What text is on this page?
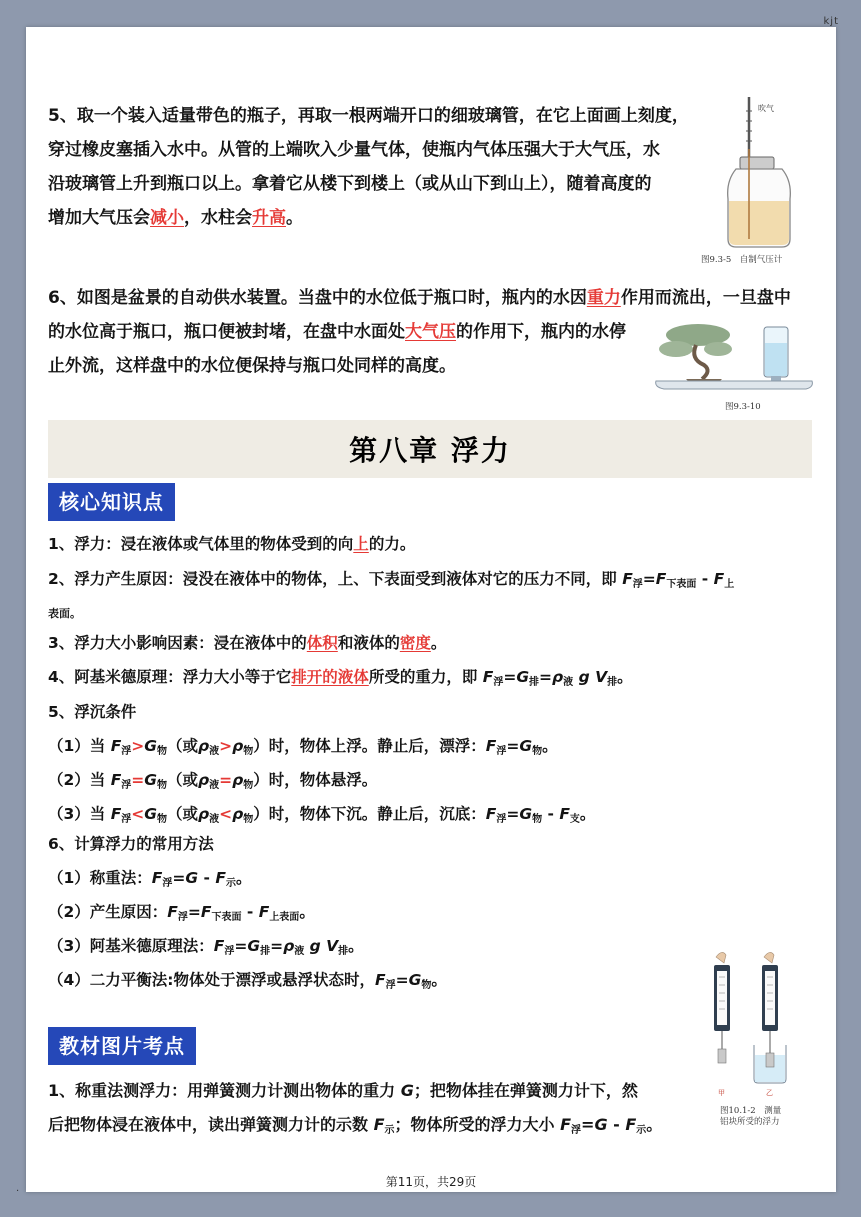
kjt
·
5、取一个装入适量带色的瓶子，再取一根两端开口的细玻璃管，在它上面画上刻度，
穿过橡皮塞插入水中。从管的上端吹入少量气体，使瓶内气体压强大于大气压，水
沿玻璃管上升到瓶口以上。拿着它从楼下到楼上（或从山下到山上），随着高度的
增加大气压会减小，水柱会升高。
吹气
图9.3-5　自制气压计
6、如图是盆景的自动供水装置。当盘中的水位低于瓶口时，瓶内的水因重力作用而流出，一旦盘中
的水位高于瓶口，瓶口便被封堵，在盘中水面处大气压的作用下，瓶内的水停
止外流，这样盘中的水位便保持与瓶口处同样的高度。
图9.3-10
第八章 浮力
核心知识点
1、浮力：浸在液体或气体里的物体受到的向上的力。
2、浮力产生原因：浸没在液体中的物体，上、下表面受到液体对它的压力不同，即 $F_浮=F_{下表面} - F_上$
表面。
3、浮力大小影响因素：浸在液体中的体积和液体的密度。
4、阿基米德原理：浮力大小等于它排开的液体所受的重力，即 $F_浮=G_排=\rho_液$ g $V_排$。
5、浮沉条件
（1）当 $F_浮>G_物$（或$\rho_液>\rho_物$）时，物体上浮。静止后，漂浮：$F_浮=G_物$。
（2）当 $F_浮=G_物$（或$\rho_液=\rho_物$）时，物体悬浮。
（3）当 $F_浮<G_物$（或$\rho_液<\rho_物$）时，物体下沉。静止后，沉底：$F_浮=G_物 - F_支$。
6、计算浮力的常用方法
（1）称重法：$F_浮=G - F_示$。
（2）产生原因：$F_浮=F_{下表面} - F_{上表面}$。
（3）阿基米德原理法：$F_浮=G_排=\rho_液$ g $V_排$。
（4）二力平衡法:物体处于漂浮或悬浮状态时，$F_浮=G_物$。
甲	乙
图10.1-2　测量
铝块所受的浮力
教材图片考点
1、称重法测浮力：用弹簧测力计测出物体的重力 G；把物体挂在弹簧测力计下，然
后把物体浸在液体中，读出弹簧测力计的示数 $F_示$；物体所受的浮力大小 $F_浮=G - F_示$。
第11页，共29页
